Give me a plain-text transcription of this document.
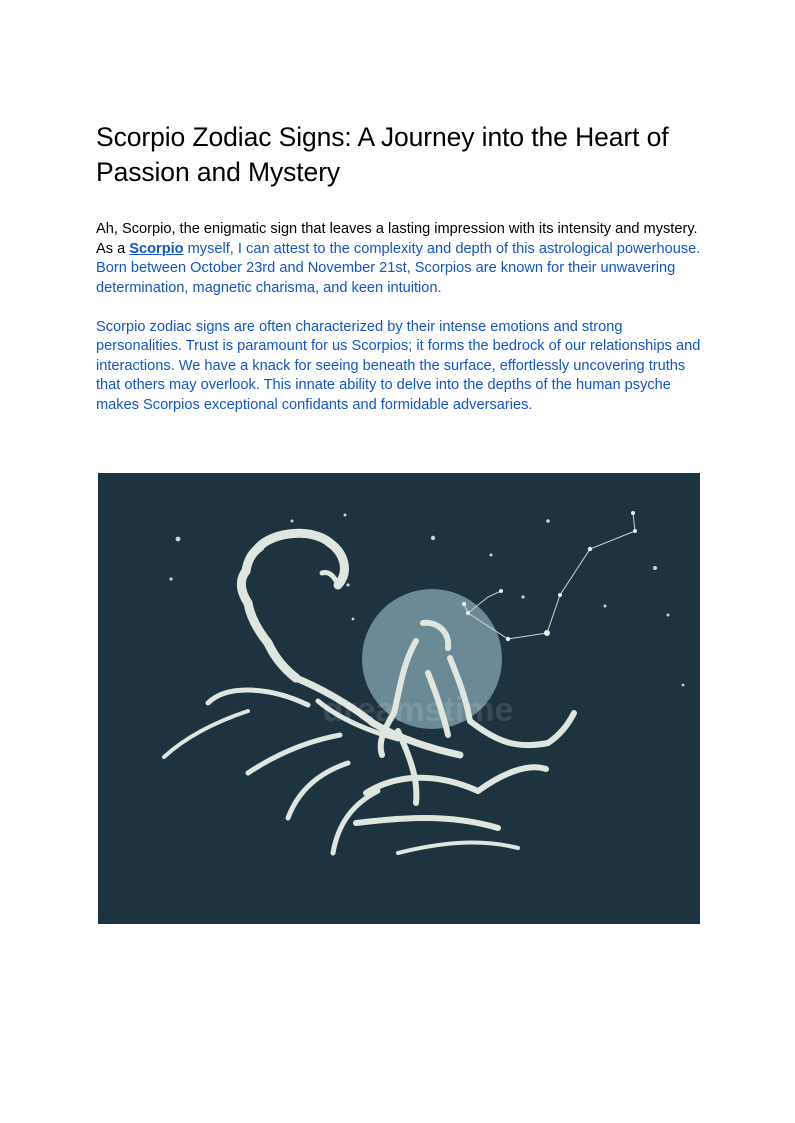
Scorpio Zodiac Signs: A Journey into the Heart of Passion and Mystery

Ah, Scorpio, the enigmatic sign that leaves a lasting impression with its intensity and mystery. As a Scorpio myself, I can attest to the complexity and depth of this astrological powerhouse. Born between October 23rd and November 21st, Scorpios are known for their unwavering determination, magnetic charisma, and keen intuition.

Scorpio zodiac signs are often characterized by their intense emotions and strong personalities. Trust is paramount for us Scorpios; it forms the bedrock of our relationships and interactions. We have a knack for seeing beneath the surface, effortlessly uncovering truths that others may overlook. This innate ability to delve into the depths of the human psyche makes Scorpios exceptional confidants and formidable adversaries.

dreamstime
